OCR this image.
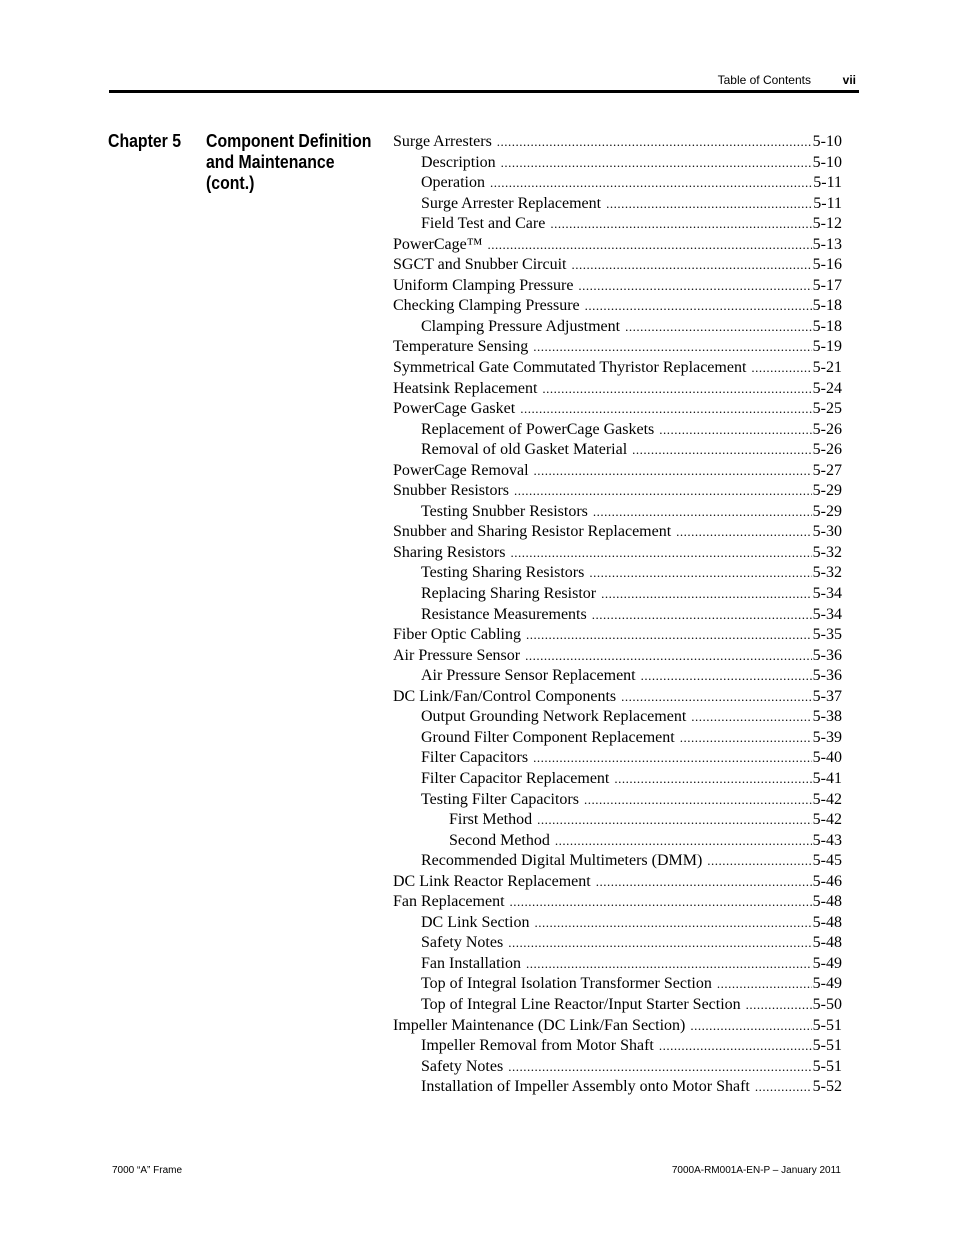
Table of Contents	vii
Chapter 5 Component Definition and Maintenance (cont.)
Surge Arresters .....	5-10
Description .....	5-10
Operation .....	5-11
Surge Arrester Replacement .....	5-11
Field Test and Care .....	5-12
PowerCage™ .....	5-13
SGCT and Snubber Circuit .....	5-16
Uniform Clamping Pressure .....	5-17
Checking Clamping Pressure .....	5-18
Clamping Pressure Adjustment .....	5-18
Temperature Sensing .....	5-19
Symmetrical Gate Commutated Thyristor Replacement .....	5-21
Heatsink Replacement .....	5-24
PowerCage Gasket .....	5-25
Replacement of PowerCage Gaskets .....	5-26
Removal of old Gasket Material .....	5-26
PowerCage Removal .....	5-27
Snubber Resistors .....	5-29
Testing Snubber Resistors .....	5-29
Snubber and Sharing Resistor Replacement .....	5-30
Sharing Resistors .....	5-32
Testing Sharing Resistors .....	5-32
Replacing Sharing Resistor .....	5-34
Resistance Measurements .....	5-34
Fiber Optic Cabling .....	5-35
Air Pressure Sensor .....	5-36
Air Pressure Sensor Replacement .....	5-36
DC Link/Fan/Control Components .....	5-37
Output Grounding Network Replacement .....	5-38
Ground Filter Component Replacement .....	5-39
Filter Capacitors .....	5-40
Filter Capacitor Replacement .....	5-41
Testing Filter Capacitors .....	5-42
First Method .....	5-42
Second Method .....	5-43
Recommended Digital Multimeters (DMM) .....	5-45
DC Link Reactor Replacement .....	5-46
Fan Replacement .....	5-48
DC Link Section .....	5-48
Safety Notes .....	5-48
Fan Installation .....	5-49
Top of Integral Isolation Transformer Section .....	5-49
Top of Integral Line Reactor/Input Starter Section .....	5-50
Impeller Maintenance (DC Link/Fan Section) .....	5-51
Impeller Removal from Motor Shaft .....	5-51
Safety Notes .....	5-51
Installation of Impeller Assembly onto Motor Shaft .....	5-52
7000 “A” Frame	7000A-RM001A-EN-P – January 2011
